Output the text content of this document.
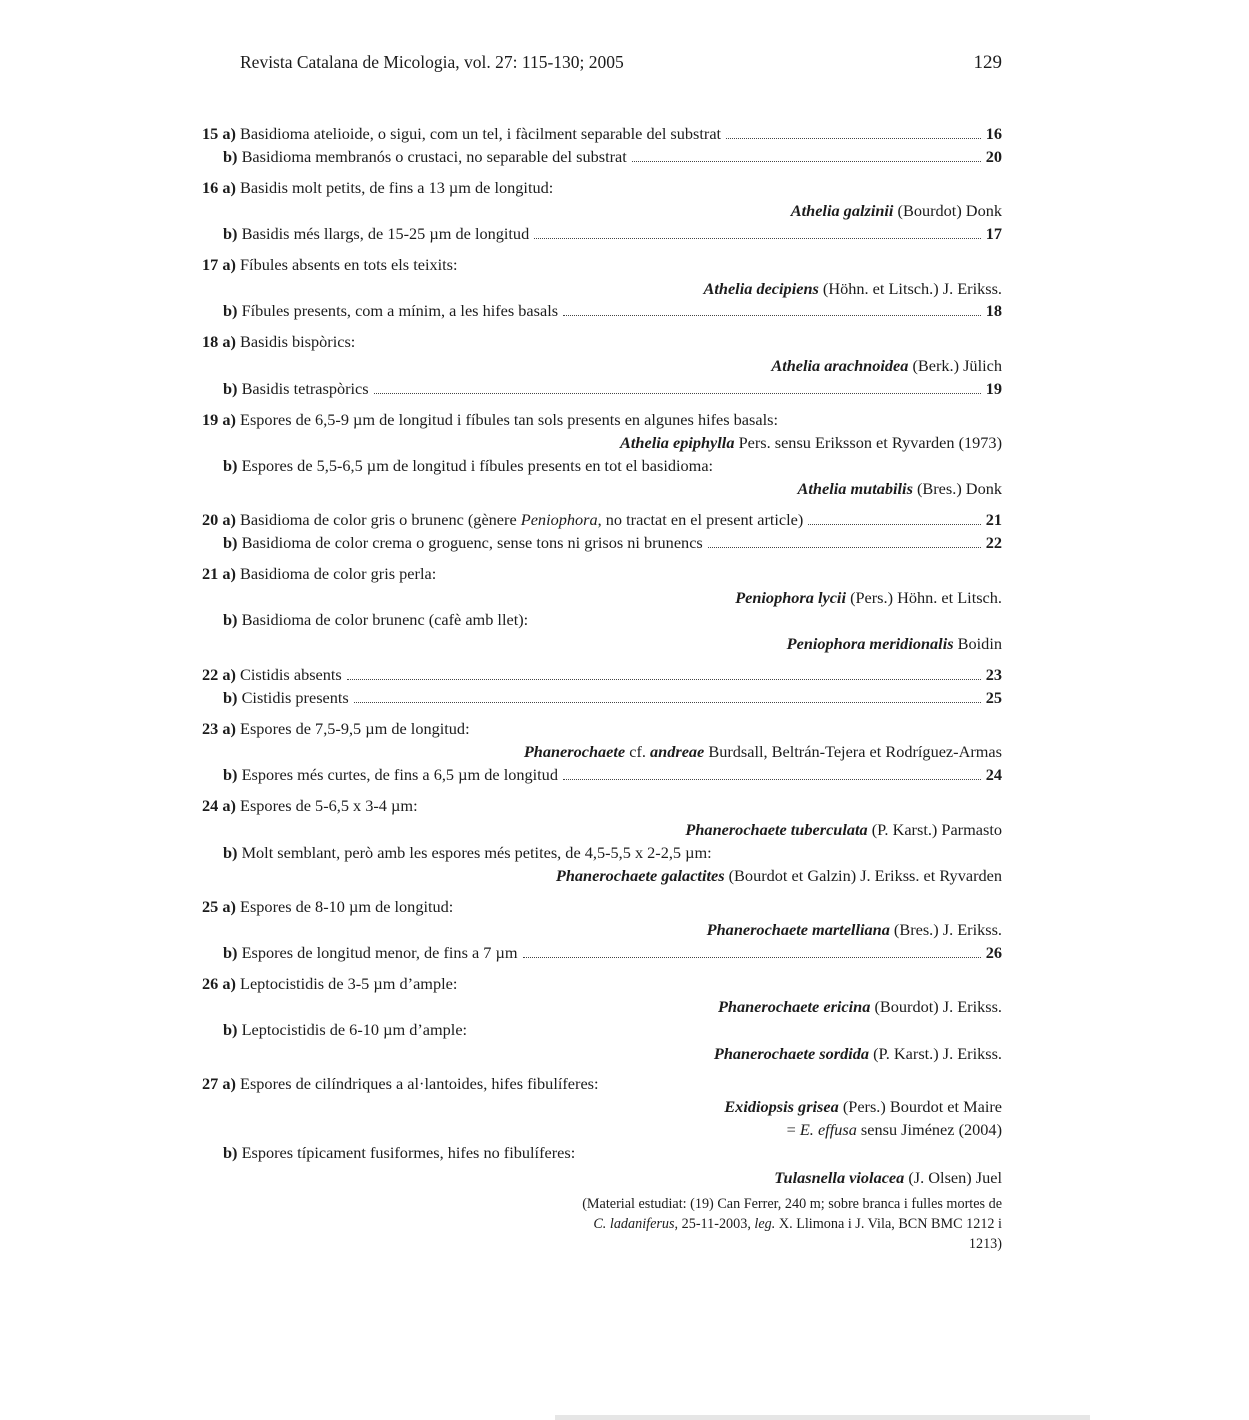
Revista Catalana de Micologia, vol. 27: 115-130; 2005	129
15 a) Basidioma atelioide, o sigui, com un tel, i fàcilment separable del substrat	16
b) Basidioma membranós o crustaci, no separable del substrat	20
16 a) Basidis molt petits, de fins a 13 µm de longitud:
Athelia galzinii (Bourdot) Donk
b) Basidis més llargs, de 15-25 µm de longitud	17
17 a) Fíbules absents en tots els teixits:
Athelia decipiens (Höhn. et Litsch.) J. Erikss.
b) Fíbules presents, com a mínim, a les hifes basals	18
18 a) Basidis bispòrics:
Athelia arachnoidea (Berk.) Jülich
b) Basidis tetraspòrics	19
19 a) Espores de 6,5-9 µm de longitud i fíbules tan sols presents en algunes hifes basals:
Athelia epiphylla Pers. sensu Eriksson et Ryvarden (1973)
b) Espores de 5,5-6,5 µm de longitud i fíbules presents en tot el basidioma:
Athelia mutabilis (Bres.) Donk
20 a) Basidioma de color gris o brunenc (gènere Peniophora, no tractat en el present article)	21
b) Basidioma de color crema o groguenc, sense tons ni grisos ni brunencs	22
21 a) Basidioma de color gris perla:
Peniophora lycii (Pers.) Höhn. et Litsch.
b) Basidioma de color brunenc (cafè amb llet):
Peniophora meridionalis Boidin
22 a) Cistidis absents	23
b) Cistidis presents	25
23 a) Espores de 7,5-9,5 µm de longitud:
Phanerochaete cf. andreae Burdsall, Beltrán-Tejera et Rodríguez-Armas
b) Espores més curtes, de fins a 6,5 µm de longitud	24
24 a) Espores de 5-6,5 x 3-4 µm:
Phanerochaete tuberculata (P. Karst.) Parmasto
b) Molt semblant, però amb les espores més petites, de 4,5-5,5 x 2-2,5 µm:
Phanerochaete galactites (Bourdot et Galzin) J. Erikss. et Ryvarden
25 a) Espores de 8-10 µm de longitud:
Phanerochaete martelliana (Bres.) J. Erikss.
b) Espores de longitud menor, de fins a 7 µm	26
26 a) Leptocistidis de 3-5 µm d’ample:
Phanerochaete ericina (Bourdot) J. Erikss.
b) Leptocistidis de 6-10 µm d’ample:
Phanerochaete sordida (P. Karst.) J. Erikss.
27 a) Espores de cilíndriques a al·lantoides, hifes fibulíferes:
Exidiopsis grisea (Pers.) Bourdot et Maire
= E. effusa sensu Jiménez (2004)
b) Espores típicament fusiformes, hifes no fibulíferes:
Tulasnella violacea (J. Olsen) Juel
(Material estudiat: (19) Can Ferrer, 240 m; sobre branca i fulles mortes de C. ladaniferus, 25-11-2003, leg. X. Llimona i J. Vila, BCN BMC 1212 i 1213)
